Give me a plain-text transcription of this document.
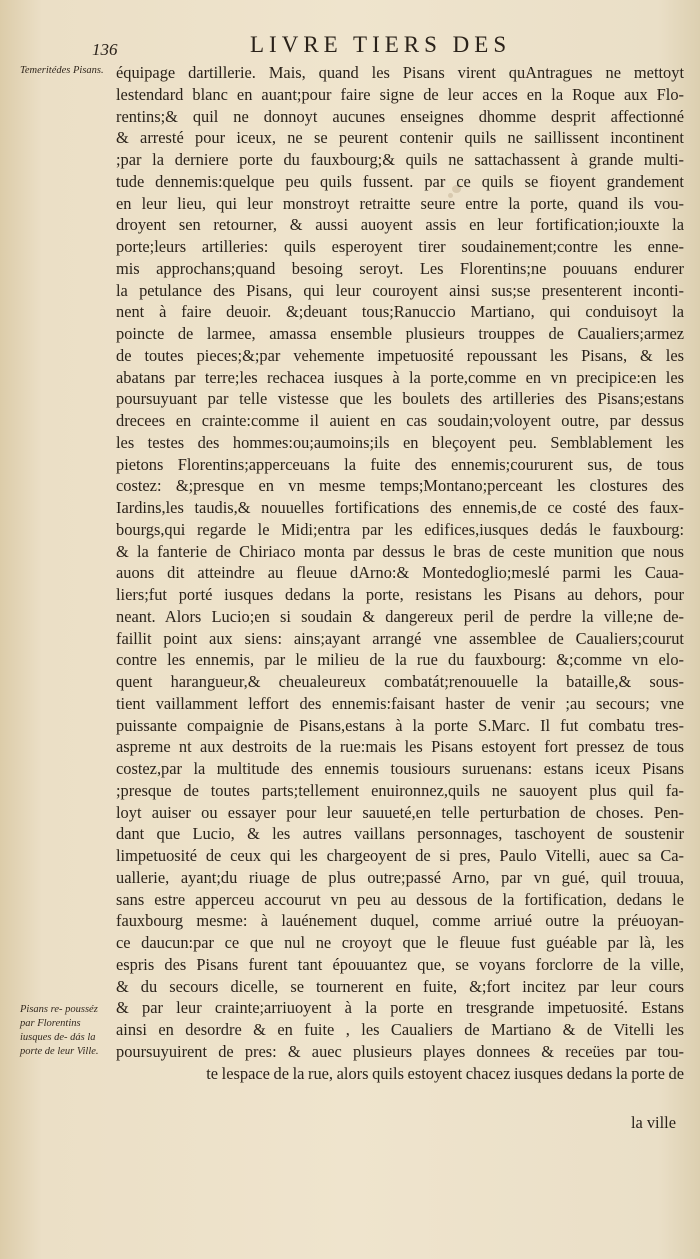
136	LIVRE TIERS DES
Temeritédes Pisans.
Pisans re- pousséz par Florentins iusques de- dás la porte de leur Ville.
équipage dartillerie. Mais, quand les Pisans virent quAntragues ne mettoyt
lestendard blanc en auant;pour faire signe de leur acces en la Roque aux Flo-
rentins;& quil ne donnoyt aucunes enseignes dhomme desprit affectionné
& arresté pour iceux, ne se peurent contenir quils ne saillissent incontinent
;par la derniere porte du fauxbourg;& quils ne sattachassent à grande multi-
tude dennemis:quelque peu quils fussent. par ce quils se fioyent grandement
en leur lieu, qui leur monstroyt retraitte seure entre la porte, quand ils vou-
droyent sen retourner, & aussi auoyent assis en leur fortification;iouxte la
porte;leurs artilleries: quils esperoyent tirer soudainement;contre les enne-
mis approchans;quand besoing seroyt. Les Florentins;ne pouuans endurer
la petulance des Pisans, qui leur couroyent ainsi sus;se presenterent inconti-
nent à faire deuoir. &;deuant tous;Ranuccio Martiano, qui conduisoyt la
poincte de larmee, amassa ensemble plusieurs trouppes de Caualiers;armez
de toutes pieces;&;par vehemente impetuosité repoussant les Pisans, & les
abatans par terre;les rechacea iusques à la porte,comme en vn precipice:en les
poursuyuant par telle vistesse que les boulets des artilleries des Pisans;estans
drecees en crainte:comme il auient en cas soudain;voloyent outre, par dessus
les testes des hommes:ou;aumoins;ils en bleçoyent peu. Semblablement les
pietons Florentins;apperceuans la fuite des ennemis;coururent sus, de tous
costez: &;presque en vn mesme temps;Montano;perceant les clostures des
Iardins,les taudis,& nouuelles fortifications des ennemis,de ce costé des faux-
bourgs,qui regarde le Midi;entra par les edifices,iusques dedás le fauxbourg:
& la fanterie de Chiriaco monta par dessus le bras de ceste munition que nous
auons dit atteindre au fleuue dArno:& Montedoglio;meslé parmi les Caua-
liers;fut porté iusques dedans la porte, resistans les Pisans au dehors, pour
neant. Alors Lucio;en si soudain & dangereux peril de perdre la ville;ne de-
faillit point aux siens: ains;ayant arrangé vne assemblee de Caualiers;courut
contre les ennemis, par le milieu de la rue du fauxbourg: &;comme vn elo-
quent harangueur,& cheualeureux combatát;renouuelle la bataille,& sous-
tient vaillamment leffort des ennemis:faisant haster de venir ;au secours; vne
puissante compaignie de Pisans,estans à la porte S.Marc. Il fut combatu tres-
aspreme nt aux destroits de la rue:mais les Pisans estoyent fort pressez de tous
costez,par la multitude des ennemis tousiours suruenans: estans iceux Pisans
;presque de toutes parts;tellement enuironnez,quils ne sauoyent plus quil fa-
loyt auiser ou essayer pour leur sauueté,en telle perturbation de choses. Pen-
dant que Lucio, & les autres vaillans personnages, taschoyent de soustenir
limpetuosité de ceux qui les chargeoyent de si pres, Paulo Vitelli, auec sa Ca-
uallerie, ayant;du riuage de plus outre;passé Arno, par vn gué, quil trouua,
sans estre apperceu accourut vn peu au dessous de la fortification, dedans le
fauxbourg mesme: à lauénement duquel, comme arriué outre la préuoyan-
ce daucun:par ce que nul ne croyoyt que le fleuue fust guéable par là, les
espris des Pisans furent tant épouuantez que, se voyans forclorre de la ville,
& du secours dicelle, se tournerent en fuite, &;fort incitez par leur cours
& par leur crainte;arriuoyent à la porte en tresgrande impetuosité. Estans
ainsi en desordre & en fuite , les Caualiers de Martiano & de Vitelli les
poursuyuirent de pres: & auec plusieurs playes donnees & receües par tou-
te lespace de la rue, alors quils estoyent chacez iusques dedans la porte de
la ville
